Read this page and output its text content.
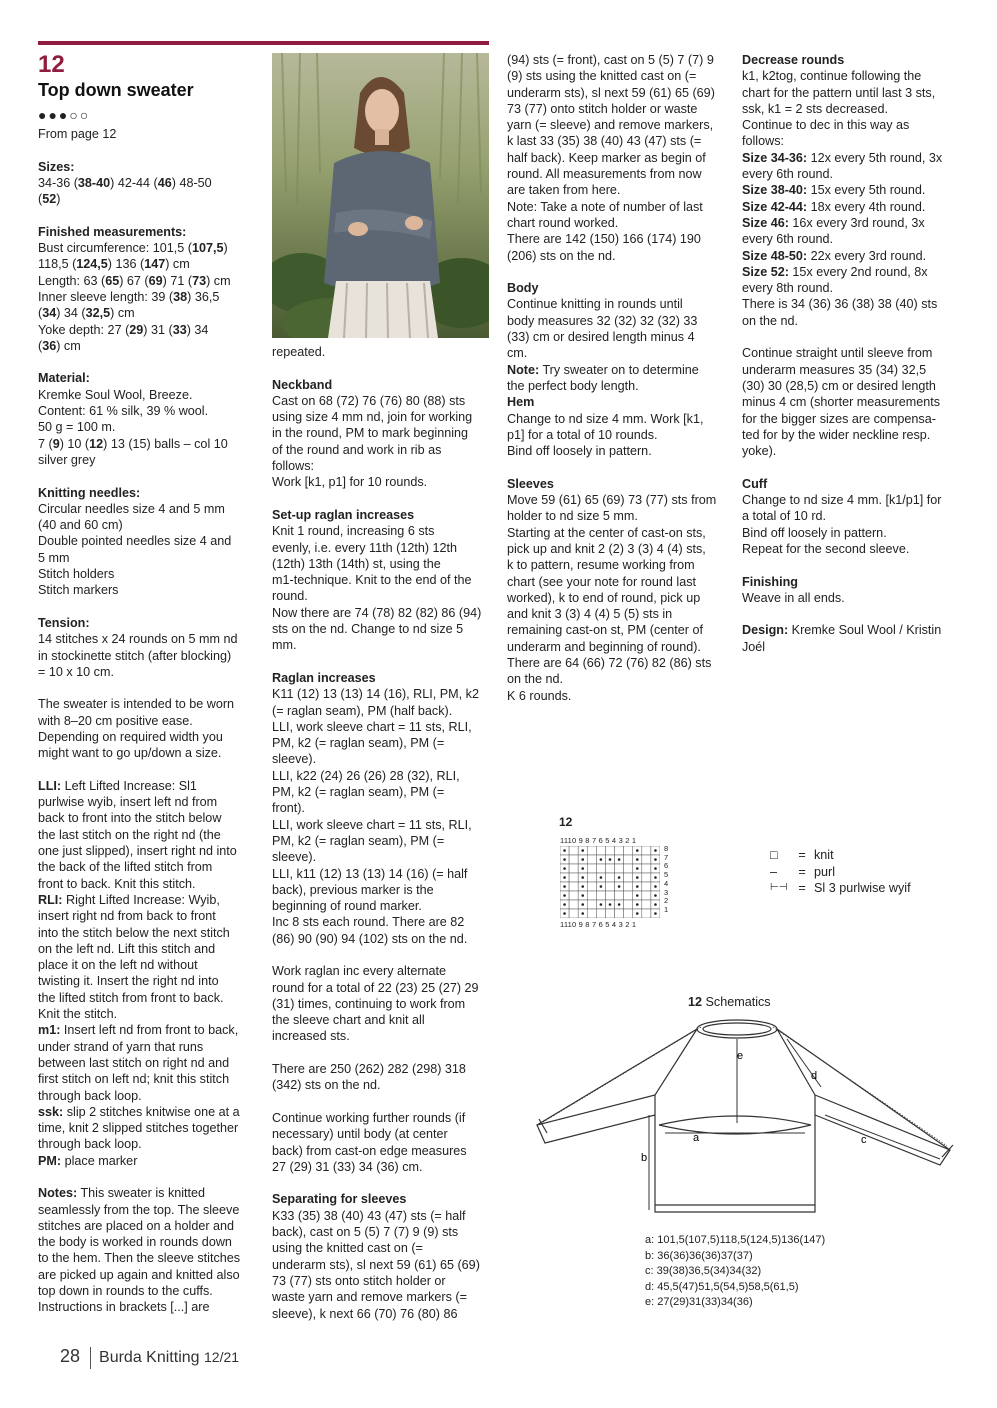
12

Top down sweater

●●●○○

From page 12

Sizes:

34-36 (38-40) 42-44 (46) 48-50

(52)

Finished measurements:

Bust circumference: 101,5 (107,5)

118,5 (124,5) 136 (147) cm

Length: 63 (65) 67 (69) 71 (73) cm

Inner sleeve length: 39 (38) 36,5

(34) 34 (32,5) cm

Yoke depth: 27 (29) 31 (33) 34

(36) cm

Material:

Kremke Soul Wool, Breeze.

Content: 61 % silk, 39 % wool.

50 g = 100 m.

7 (9) 10 (12) 13 (15) balls – col 10

silver grey

Knitting needles:

Circular needles size 4 and 5 mm

(40 and 60 cm)

Double pointed needles size 4 and

5 mm

Stitch holders

Stitch markers

Tension:

14 stitches x 24 rounds on 5 mm nd

in stockinette stitch (after blocking)

= 10 x 10 cm.

The sweater is intended to be worn

with 8–20 cm positive ease.

Depending on required width you

might want to go up/down a size.

LLI: Left Lifted Increase: Sl1

purlwise wyib, insert left nd from

back to front into the stitch below

the last stitch on the right nd (the

one just slipped), insert right nd into

the back of the lifted stitch from

front to back. Knit this stitch.

RLI: Right Lifted Increase: Wyib,

insert right nd from back to front

into the stitch below the next stitch

on the left nd. Lift this stitch and

place it on the left nd without

twisting it. Insert the right nd into

the lifted stitch from front to back.

Knit the stitch.

m1: Insert left nd from front to back,

under strand of yarn that runs

between last stitch on right nd and

first stitch on left nd; knit this stitch

through back loop.

ssk: slip 2 stitches knitwise one at a

time, knit 2 slipped stitches together

through back loop.

PM: place marker

Notes: This sweater is knitted

seamlessly from the top. The sleeve

stitches are placed on a holder and

the body is worked in rounds down

to the hem. Then the sleeve stitches

are picked up again and knitted also

top down in rounds to the cuffs.

Instructions in brackets [...] are

repeated.

Neckband

Cast on 68 (72) 76 (76) 80 (88) sts

using size 4 mm nd, join for working

in the round, PM to mark beginning

of the round and work in rib as

follows:

Work [k1, p1] for 10 rounds.

Set-up raglan increases

Knit 1 round, increasing 6 sts

evenly, i.e. every 11th (12th) 12th

(12th) 13th (14th) st, using the

m1-technique. Knit to the end of the

round.

Now there are 74 (78) 82 (82) 86 (94)

sts on the nd. Change to nd size 5

mm.

Raglan increases

K11 (12) 13 (13) 14 (16), RLI, PM, k2

(= raglan seam), PM (half back).

LLI, work sleeve chart = 11 sts, RLI,

PM, k2 (= raglan seam), PM (=

sleeve).

LLI, k22 (24) 26 (26) 28 (32), RLI,

PM, k2 (= raglan seam), PM (=

front).

LLI, work sleeve chart = 11 sts, RLI,

PM, k2 (= raglan seam), PM (=

sleeve).

LLI, k11 (12) 13 (13) 14 (16) (= half

back), previous marker is the

beginning of round marker.

Inc 8 sts each round. There are 82

(86) 90 (90) 94 (102) sts on the nd.

Work raglan inc every alternate

round for a total of 22 (23) 25 (27) 29

(31) times, continuing to work from

the sleeve chart and knit all

increased sts.

There are 250 (262) 282 (298) 318

(342) sts on the nd.

Continue working further rounds (if

necessary) until body (at center

back) from cast-on edge measures

27 (29) 31 (33) 34 (36) cm.

Separating for sleeves

K33 (35) 38 (40) 43 (47) sts (= half

back), cast on 5 (5) 7 (7) 9 (9) sts

using the knitted cast on (=

underarm sts), sl next 59 (61) 65 (69)

73 (77) sts onto stitch holder or

waste yarn and remove markers (=

sleeve), k next 66 (70) 76 (80) 86

(94) sts (= front), cast on 5 (5) 7 (7) 9

(9) sts using the knitted cast on (=

underarm sts), sl next 59 (61) 65 (69)

73 (77) onto stitch holder or waste

yarn (= sleeve) and remove markers,

k last 33 (35) 38 (40) 43 (47) sts (=

half back). Keep marker as begin of

round. All measurements from now

are taken from here.

Note: Take a note of number of last

chart round worked.

There are 142 (150) 166 (174) 190

(206) sts on the nd.

Body

Continue knitting in rounds until

body measures 32 (32) 32 (32) 33

(33) cm or desired length minus 4

cm.

Note: Try sweater on to determine

the perfect body length.

Hem

Change to nd size 4 mm. Work [k1,

p1] for a total of 10 rounds.

Bind off loosely in pattern.

Sleeves

Move 59 (61) 65 (69) 73 (77) sts from

holder to nd size 5 mm.

Starting at the center of cast-on sts,

pick up and knit 2 (2) 3 (3) 4 (4) sts,

k to pattern, resume working from

chart (see your note for round last

worked), k to end of round, pick up

and knit 3 (3) 4 (4) 5 (5) sts in

remaining cast-on st, PM (center of

underarm and beginning of round).

There are 64 (66) 72 (76) 82 (86) sts

on the nd.

K 6 rounds.

Decrease rounds

k1, k2tog, continue following the

chart for the pattern until last 3 sts,

ssk, k1 = 2 sts decreased.

Continue to dec in this way as

follows:

Size 34-36: 12x every 5th round, 3x

every 6th round.

Size 38-40: 15x every 5th round.

Size 42-44: 18x every 4th round.

Size 46: 16x every 3rd round, 3x

every 6th round.

Size 48-50: 22x every 3rd round.

Size 52: 15x every 2nd round, 8x

every 8th round.

There is 34 (36) 36 (38) 38 (40) sts

on the nd.

Continue straight until sleeve from

underarm measures 35 (34) 32,5

(30) 30 (28,5) cm or desired length

minus 4 cm (shorter measurements

for the bigger sizes are compensa-

ted for by the wider neckline resp.

yoke).

Cuff

Change to nd size 4 mm. [k1/p1] for

a total of 10 rd.

Bind off loosely in pattern.

Repeat for the second sleeve.

Finishing

Weave in all ends.

Design: Kremke Soul Wool / Kristin

Joél

12
1110 9 8 7 6 5 4 3 2 1
1110 9 8 7 6 5 4 3 2 1
8
7
6
5
4
3
2
1
□	= knit
–	= purl
⊢⊣ = Sl 3 purlwise wyif
12 Schematics
e
b
a	c
d
a: 101,5(107,5)118,5(124,5)136(147)
b: 36(36)36(36)37(37)
c: 39(38)36,5(34)34(32)
d: 45,5(47)51,5(54,5)58,5(61,5)
e: 27(29)31(33)34(36)
28 Burda Knitting 12/21
